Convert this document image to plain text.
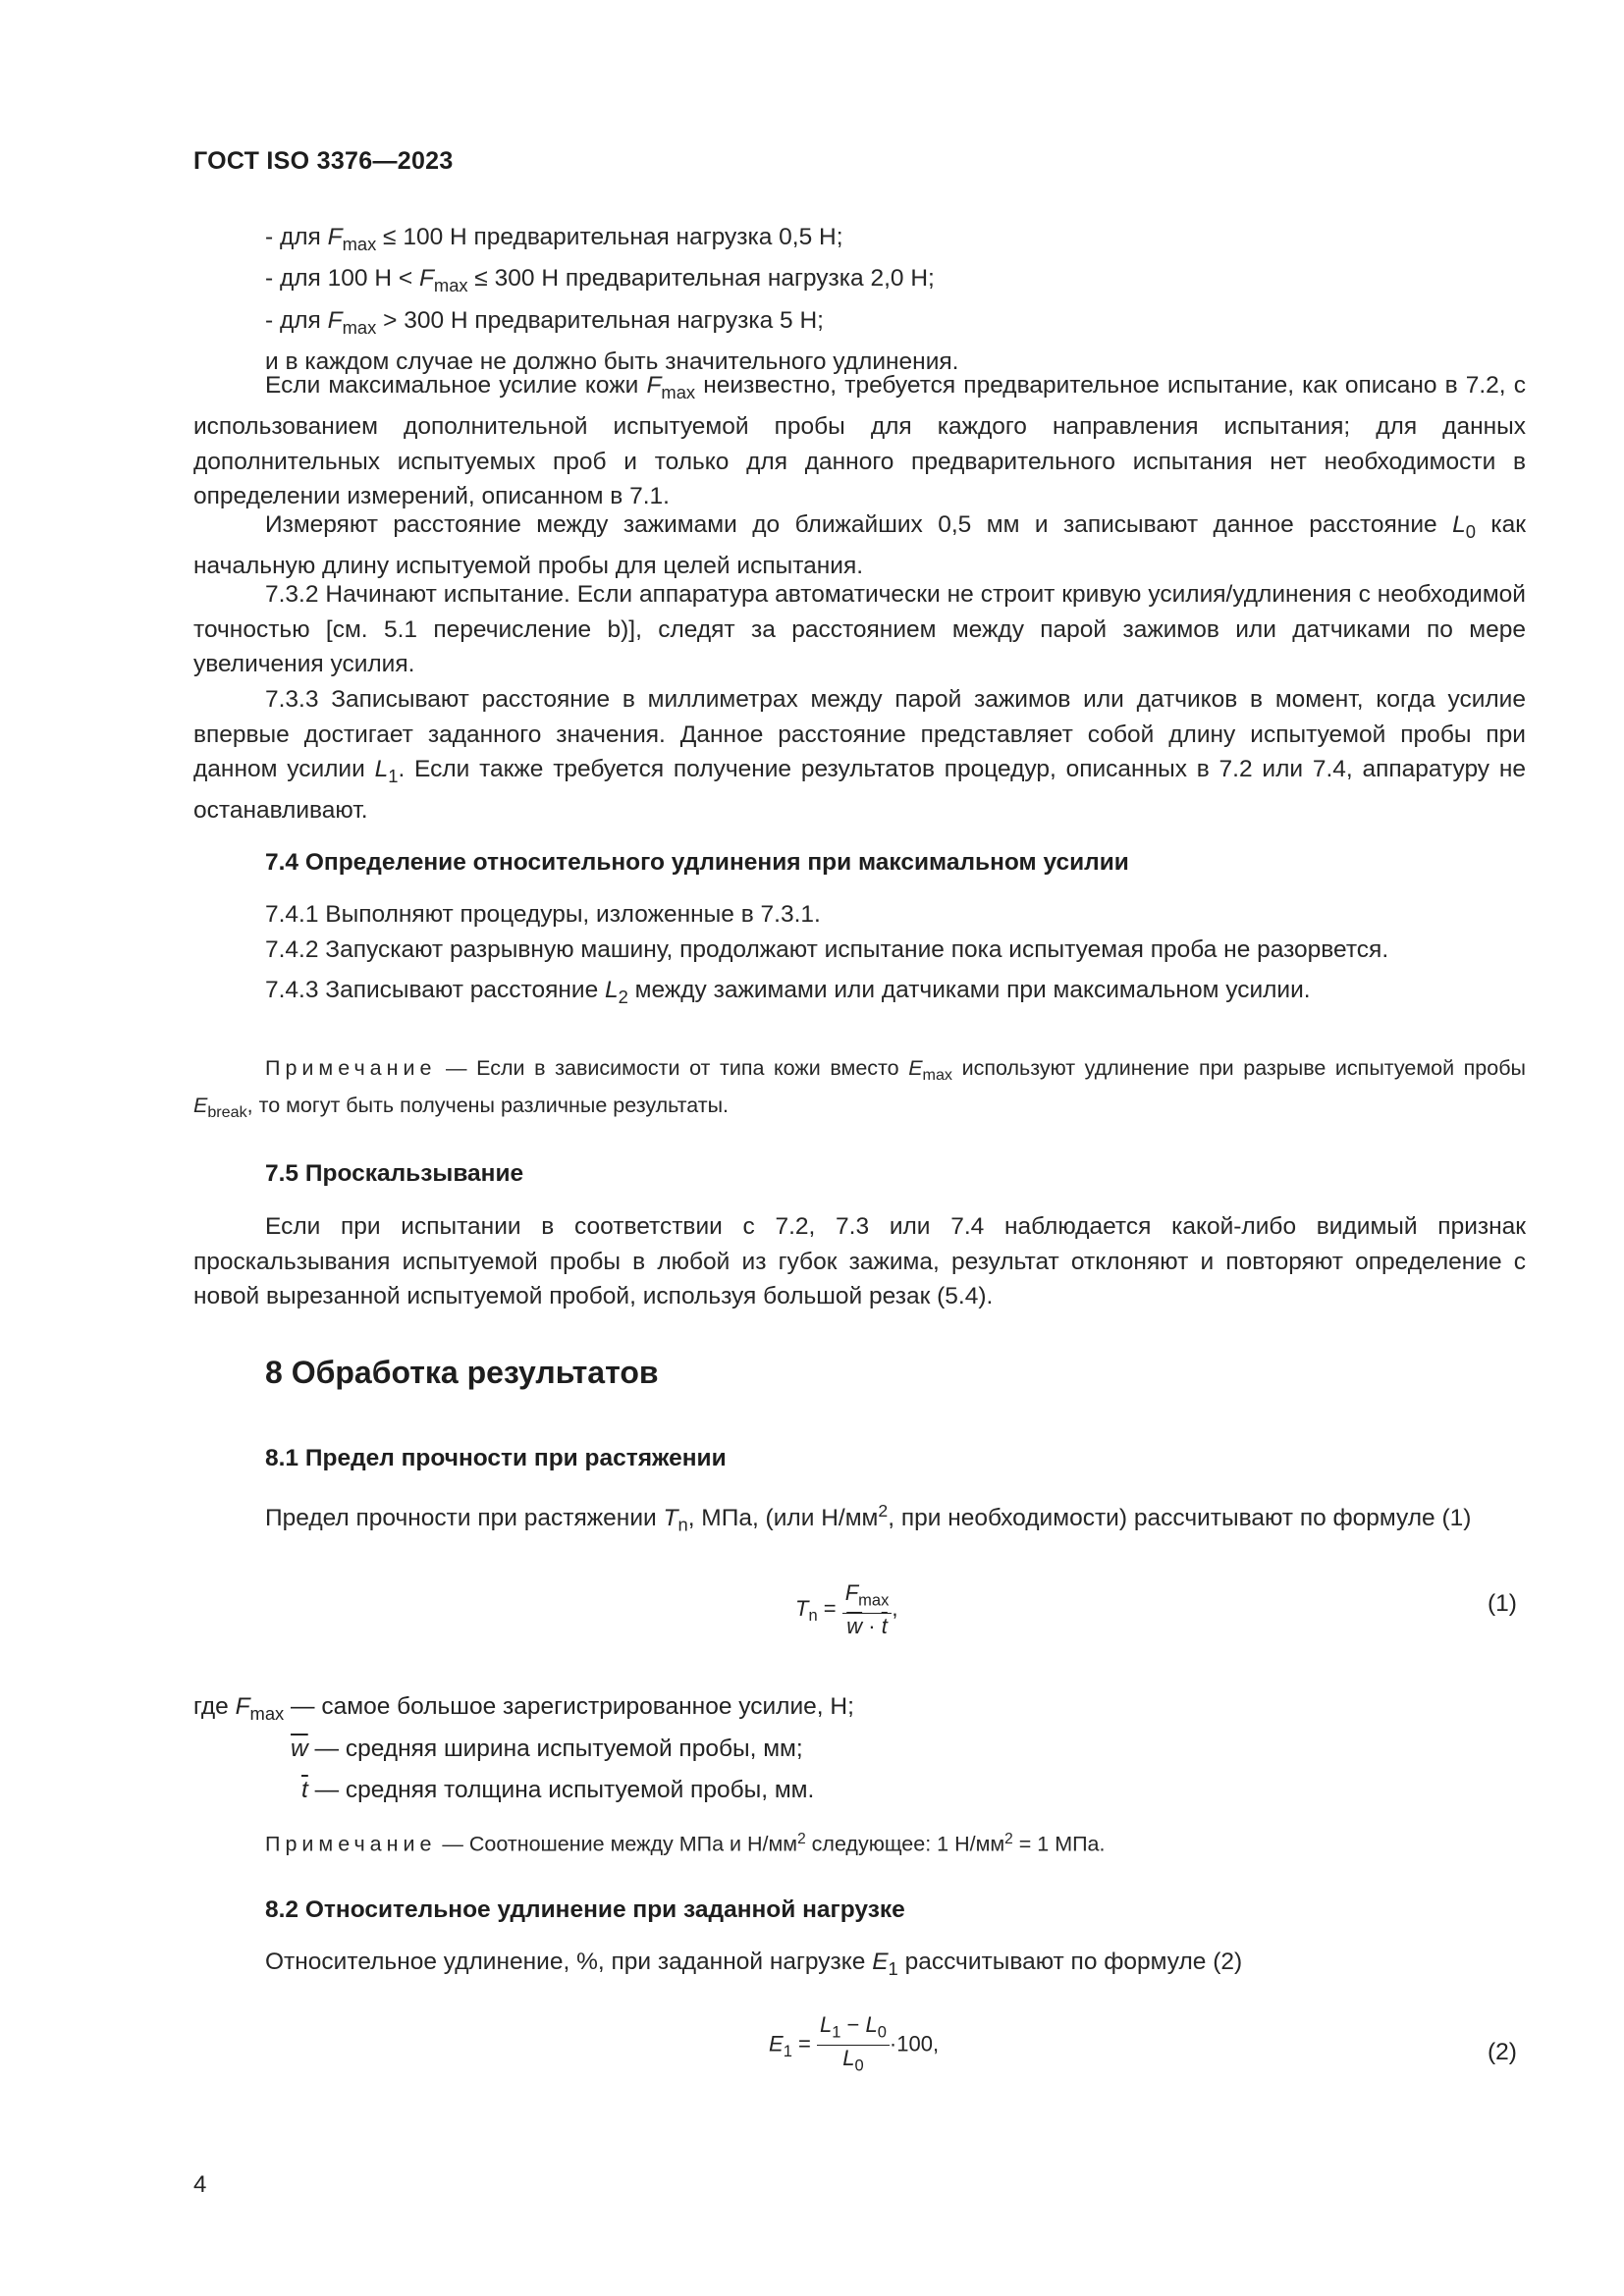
ГОСТ ISO 3376—2023

- для $F_{max} \le 100$ Н предварительная нагрузка 0,5 Н;

- для 100 $Н < F_{max} \le 300$ Н предварительная нагрузка 2,0 Н;

- для $F_{max} > 300$ Н предварительная нагрузка 5 Н;

и в каждом случае не должно быть значительного удлинения.

Если максимальное усилие кожи $F_{max}$ неизвестно, требуется предварительное испытание, как описано в 7.2, с использованием дополнительной испытуемой пробы для каждого направления испытания; для данных дополнительных испытуемых проб и только для данного предварительного испытания нет необходимости в определении измерений, описанном в 7.1.

Измеряют расстояние между зажимами до ближайших 0,5 мм и записывают данное расстояние $L_0$ как начальную длину испытуемой пробы для целей испытания.

7.3.2 Начинают испытание. Если аппаратура автоматически не строит кривую усилия/удлинения с необходимой точностью [см. 5.1 перечисление b)], следят за расстоянием между парой зажимов или датчиками по мере увеличения усилия.

7.3.3 Записывают расстояние в миллиметрах между парой зажимов или датчиков в момент, когда усилие впервые достигает заданного значения. Данное расстояние представляет собой длину испытуемой пробы при данном усилии $L_1$. Если также требуется получение результатов процедур, описанных в 7.2 или 7.4, аппаратуру не останавливают.

7.4 Определение относительного удлинения при максимальном усилии

7.4.1 Выполняют процедуры, изложенные в 7.3.1.

7.4.2 Запускают разрывную машину, продолжают испытание пока испытуемая проба не разорвется.

7.4.3 Записывают расстояние $L_2$ между зажимами или датчиками при максимальном усилии.

Примечание — Если в зависимости от типа кожи вместо $E_{max}$ используют удлинение при разрыве испытуемой пробы $E_{break}$, то могут быть получены различные результаты.

7.5 Проскальзывание

Если при испытании в соответствии с 7.2, 7.3 или 7.4 наблюдается какой-либо видимый признак проскальзывания испытуемой пробы в любой из губок зажима, результат отклоняют и повторяют определение с новой вырезанной испытуемой пробой, используя большой резак (5.4).

8 Обработка результатов
8.1 Предел прочности при растяжении

Предел прочности при растяжении $T_n$, МПа, (или $Н/мм^2$, при необходимости) рассчитывают по формуле (1)

$T_n = \frac{F_{max}}{\overline{w} \cdot \overline{t}}$ ,	(1)
где $F_{max}$ — самое большое зарегистрированное усилие, Н;
$\overline{w}$ — средняя ширина испытуемой пробы, мм;
$\overline{t}$ — средняя толщина испытуемой пробы, мм.

Примечание — Соотношение между МПа и $Н/мм^2$ следующее: 1 $Н/мм^2 = 1$ МПа.

8.2 Относительное удлинение при заданной нагрузке

Относительное удлинение, %, при заданной нагрузке $E_1$ рассчитывают по формуле (2)

$E_1 = \frac{L_1 - L_0}{L_0} \cdot 100$,	(2)
4
